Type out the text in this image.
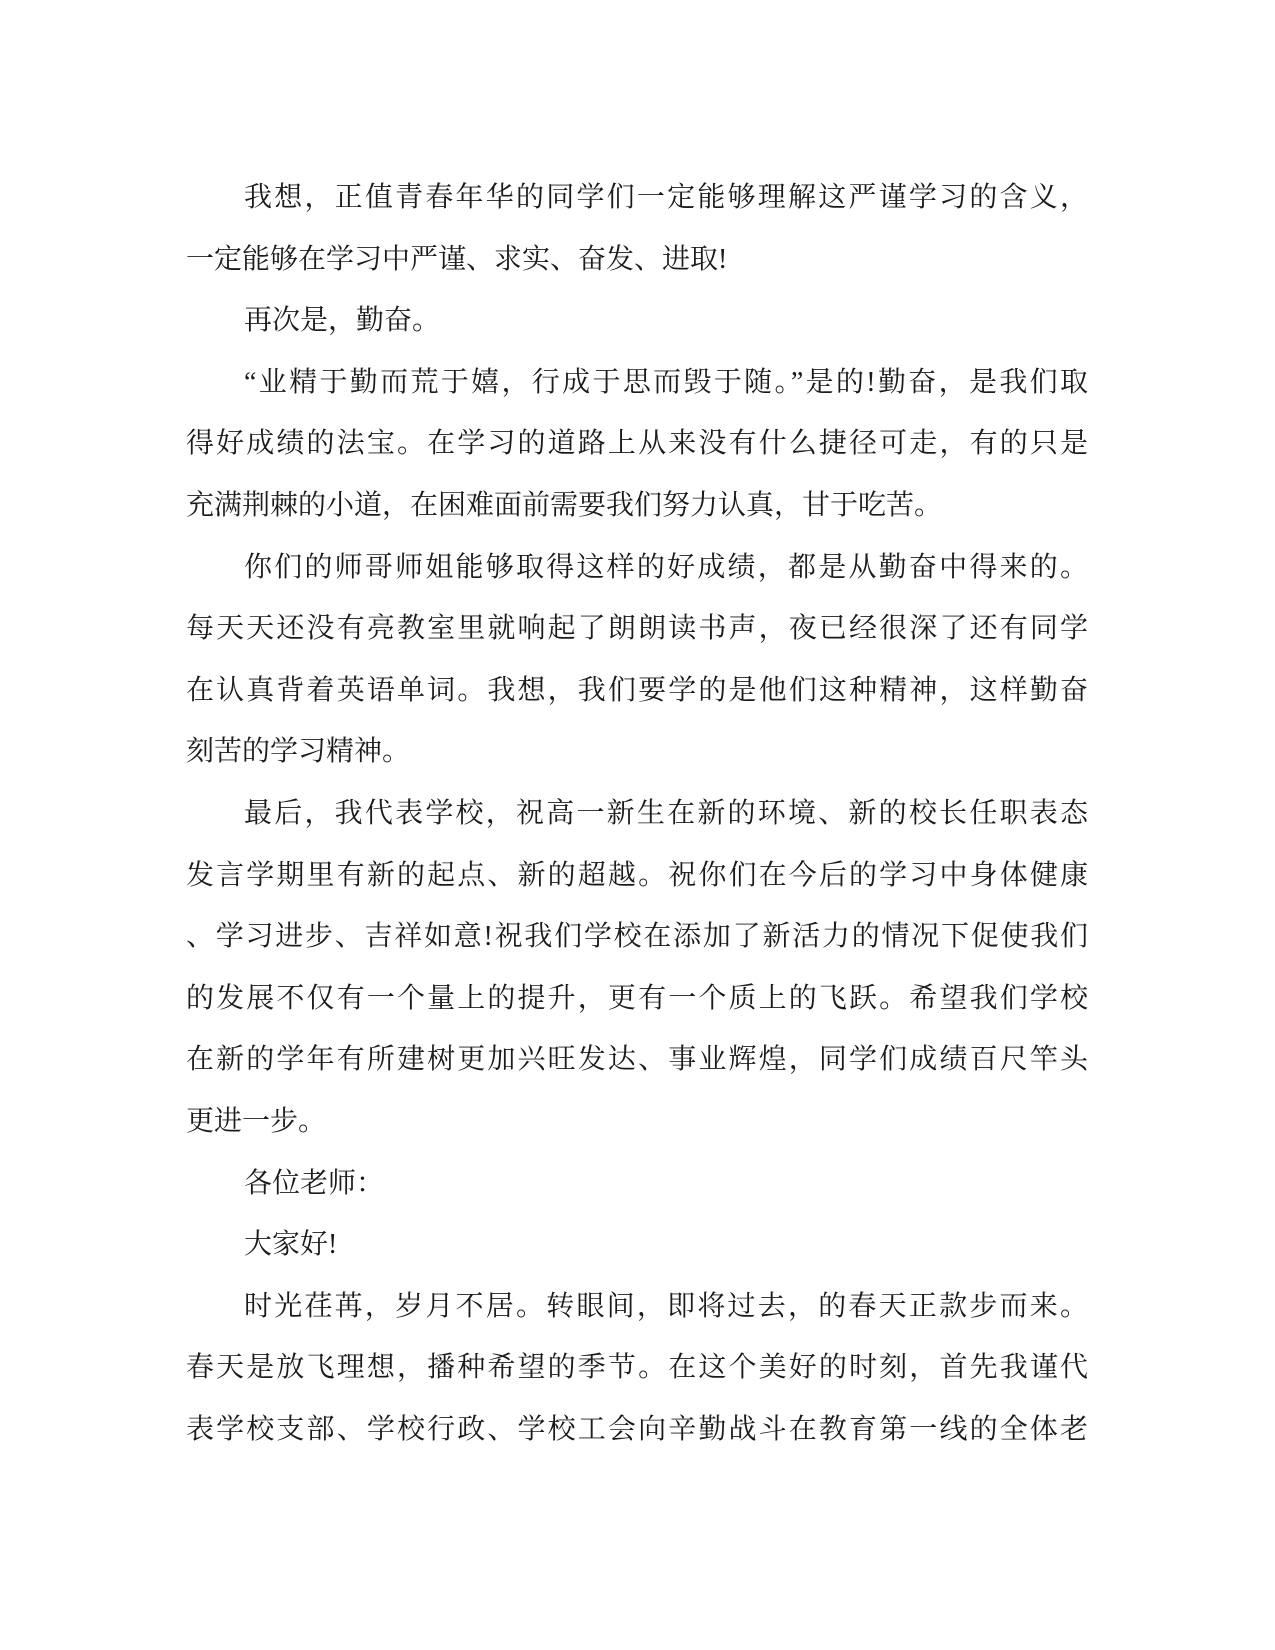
我想，正值青春年华的同学们一定能够理解这严谨学习的含义，
一定能够在学习中严谨、求实、奋发、进取!
再次是，勤奋。
“业精于勤而荒于嬉，行成于思而毁于随。”是的!勤奋，是我们取
得好成绩的法宝。在学习的道路上从来没有什么捷径可走，有的只是
充满荆棘的小道，在困难面前需要我们努力认真，甘于吃苦。
你们的师哥师姐能够取得这样的好成绩，都是从勤奋中得来的。
每天天还没有亮教室里就响起了朗朗读书声，夜已经很深了还有同学
在认真背着英语单词。我想，我们要学的是他们这种精神，这样勤奋
刻苦的学习精神。
最后，我代表学校，祝高一新生在新的环境、新的校长任职表态
发言学期里有新的起点、新的超越。祝你们在今后的学习中身体健康
、学习进步、吉祥如意!祝我们学校在添加了新活力的情况下促使我们
的发展不仅有一个量上的提升，更有一个质上的飞跃。希望我们学校
在新的学年有所建树更加兴旺发达、事业辉煌，同学们成绩百尺竿头
更进一步。
各位老师：
大家好!
时光荏苒，岁月不居。转眼间，即将过去，的春天正款步而来。
春天是放飞理想，播种希望的季节。在这个美好的时刻，首先我谨代
表学校支部、学校行政、学校工会向辛勤战斗在教育第一线的全体老
